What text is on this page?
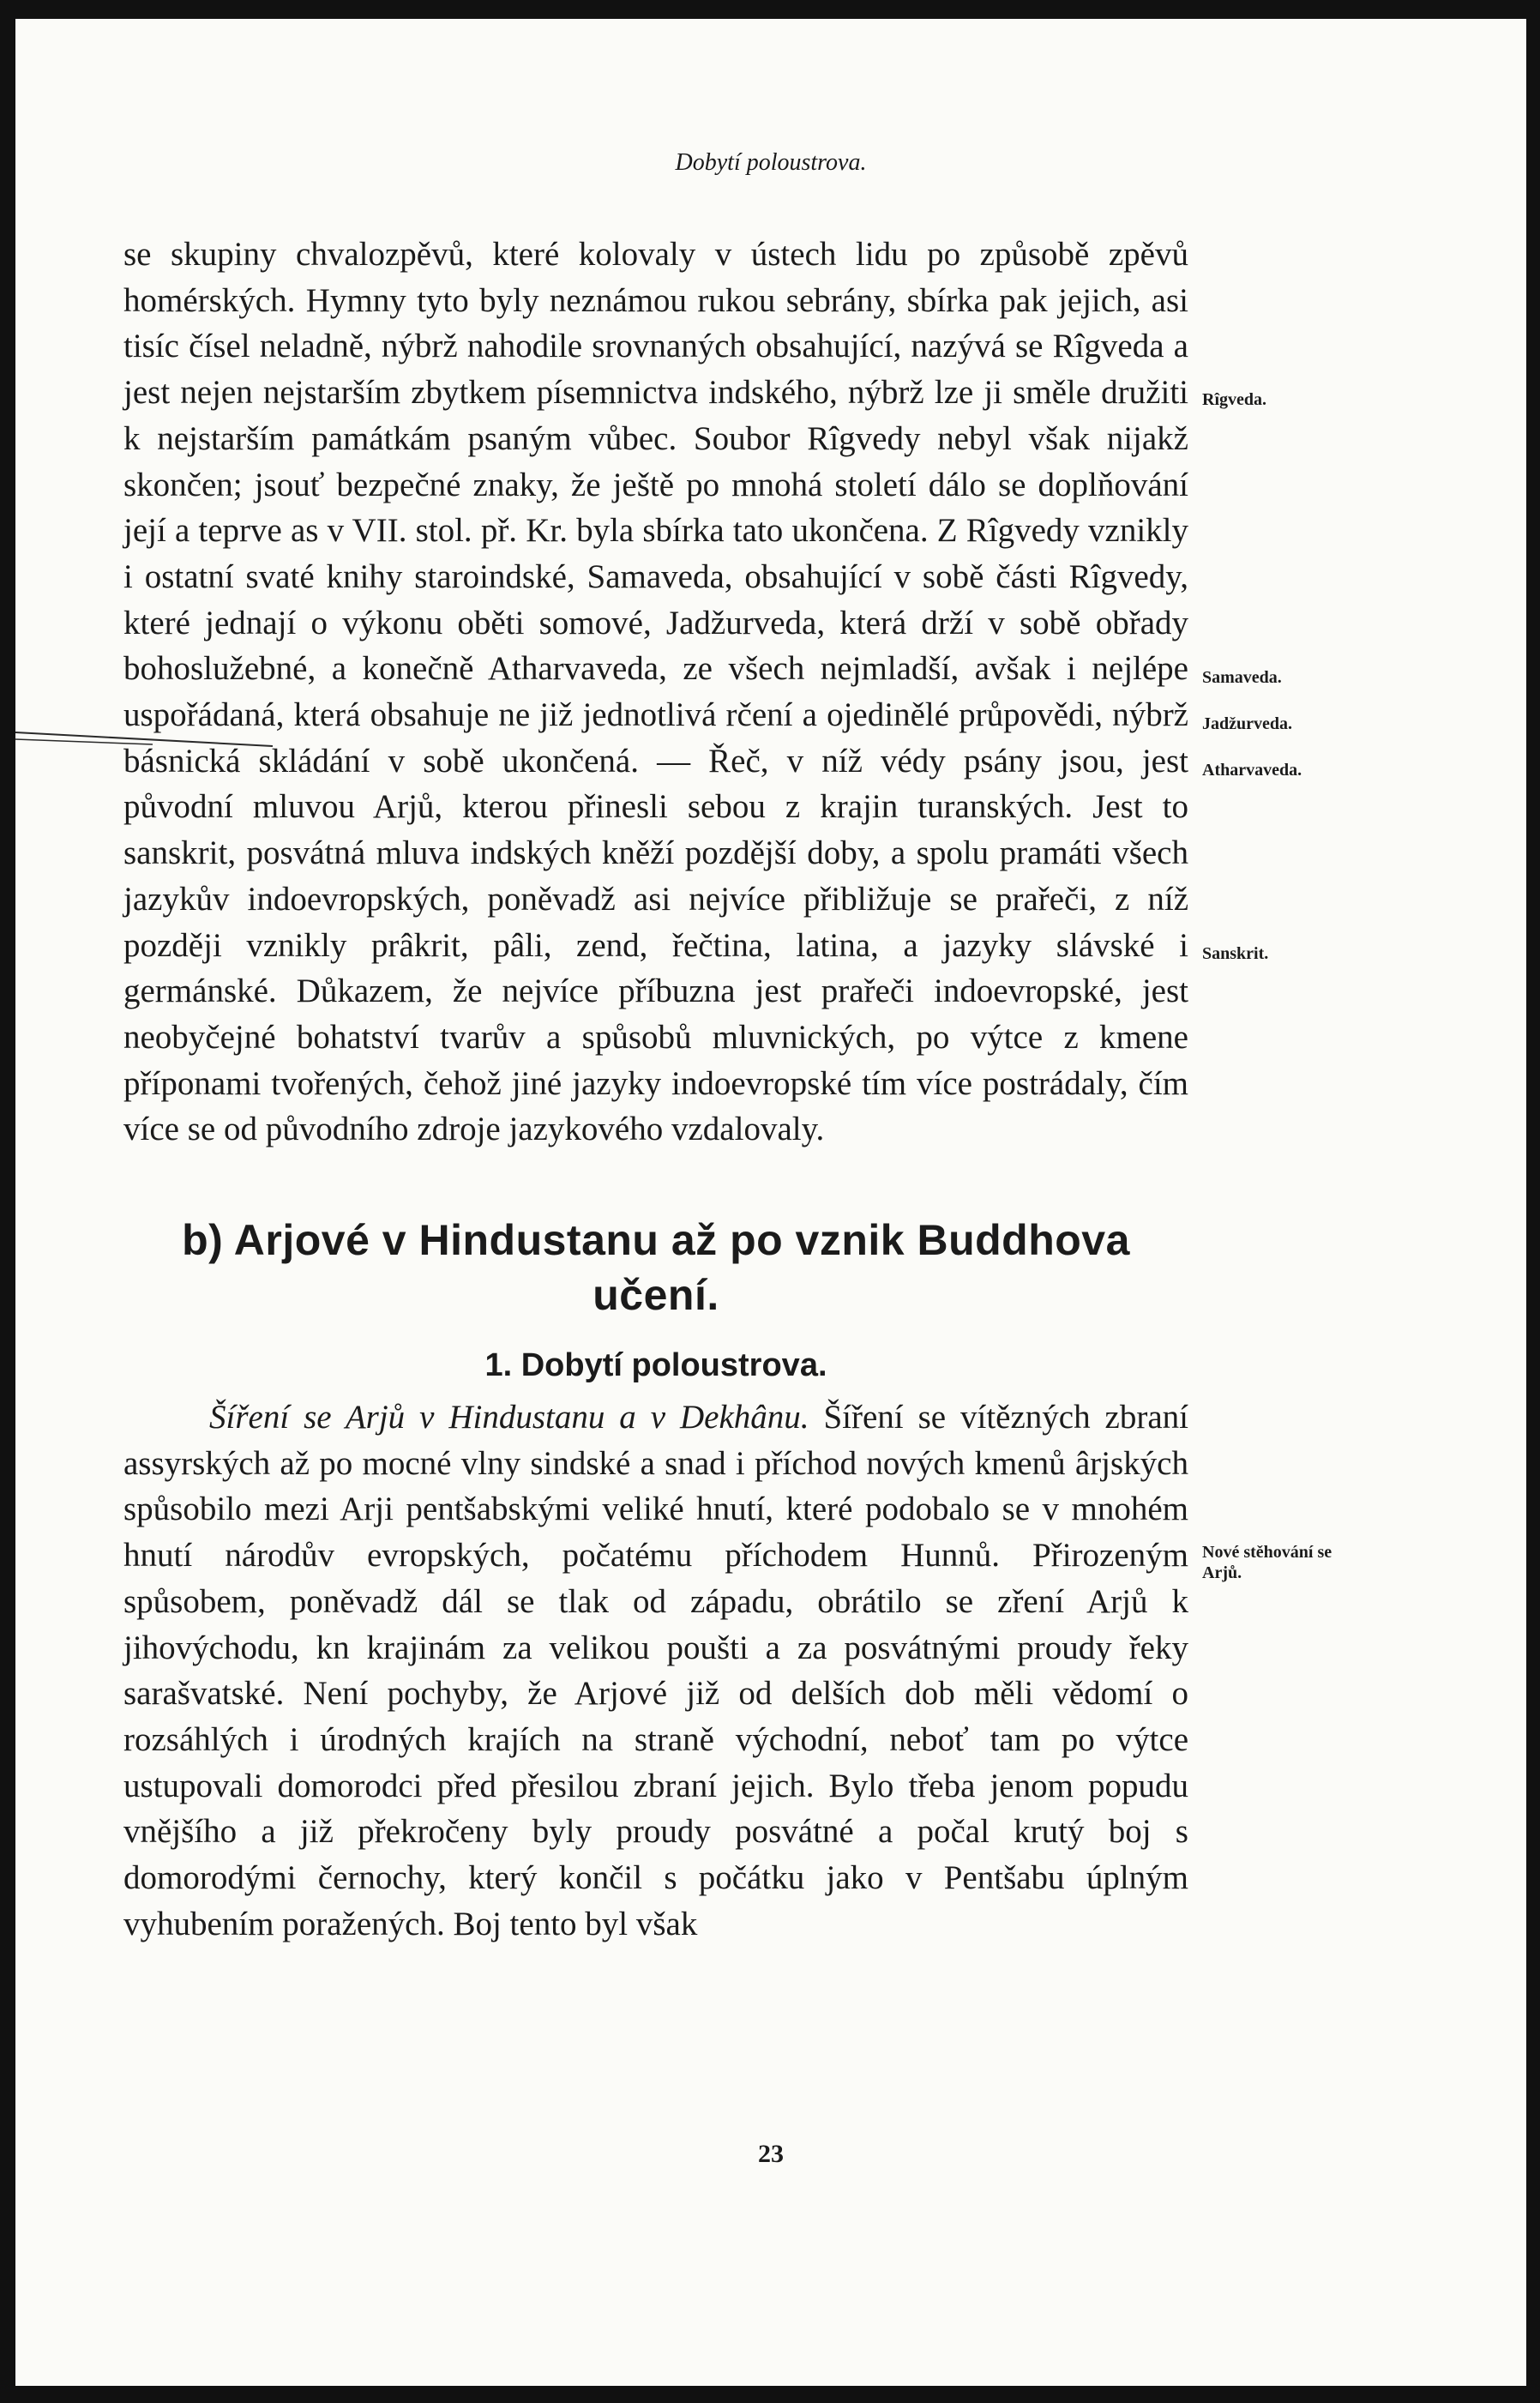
Dobytí poloustrova.

se skupiny chvalozpěvů, které kolovaly v ústech lidu po způsobě zpěvů homérských. Hymny tyto byly neznámou rukou sebrány, sbírka pak jejich, asi tisíc čísel neladně, nýbrž nahodile srovnaných obsahující, nazývá se Rîgveda a jest nejen nejstarším zbytkem písemnictva indského, nýbrž lze ji směle družiti k nejstarším památkám psaným vůbec. Soubor Rîgvedy nebyl však nijakž skončen; jsouť bezpečné znaky, že ještě po mnohá století dálo se doplňování její a teprve as v VII. stol. př. Kr. byla sbírka tato ukončena. Z Rîgvedy vznikly i ostatní svaté knihy staroindské, Samaveda, obsahující v sobě části Rîgvedy, které jednají o výkonu oběti somové, Jadžurveda, která drží v sobě obřady bohoslužebné, a konečně Atharvaveda, ze všech nejmladší, avšak i nejlépe uspořádaná, která obsahuje ne již jednotlivá rčení a ojedinělé průpovědi, nýbrž básnická skládání v sobě ukončená. — Řeč, v níž védy psány jsou, jest původní mluvou Arjů, kterou přinesli sebou z krajin turanských. Jest to sanskrit, posvátná mluva indských kněží pozdější doby, a spolu pramáti všech jazykův indoevropských, poněvadž asi nejvíce přibližuje se prařeči, z níž později vznikly prâkrit, pâli, zend, řečtina, latina, a jazyky slávské i germánské. Důkazem, že nejvíce příbuzna jest prařeči indoevropské, jest neobyčejné bohatství tvarův a spůsobů mluvnických, po výtce z kmene příponami tvořených, čehož jiné jazyky indoevropské tím více postrádaly, čím více se od původního zdroje jazykového vzdalovaly.

b) Arjové v Hindustanu až po vznik Buddhova učení.
1. Dobytí poloustrova.

Šíření se Arjů v Hindustanu a v Dekhânu. Šíření se vítězných zbraní assyrských až po mocné vlny sindské a snad i příchod nových kmenů ârjských spůsobilo mezi Arji pentšabskými veliké hnutí, které podobalo se v mnohém hnutí národův evropských, počatému příchodem Hunnů. Přirozeným spůsobem, poněvadž dál se tlak od západu, obrátilo se zření Arjů k jihovýchodu, kn krajinám za velikou poušti a za posvátnými proudy řeky sarašvatské. Není pochyby, že Arjové již od delších dob měli vědomí o rozsáhlých i úrodných krajích na straně východní, neboť tam po výtce ustupovali domorodci před přesilou zbraní jejich. Bylo třeba jenom popudu vnějšího a již překročeny byly proudy posvátné a počal krutý boj s domorodými černochy, který končil s počátku jako v Pentšabu úplným vyhubením poražených. Boj tento byl však

Rîgveda.
Samaveda.
Jadžurveda.
Atharvaveda.
Sanskrit.
Nové stěhování se Arjů.
23
